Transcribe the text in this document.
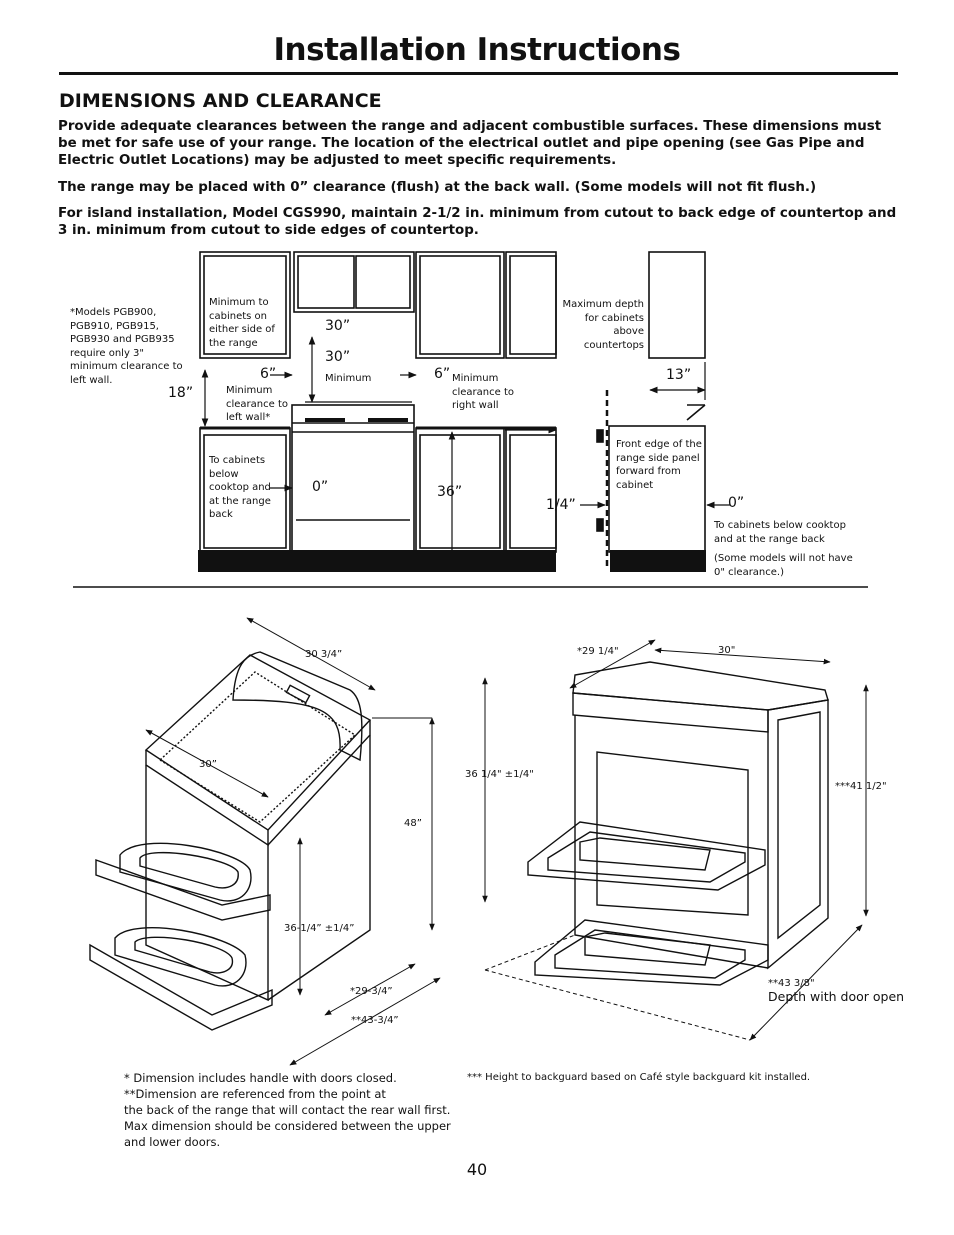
Installation Instructions
DIMENSIONS AND CLEARANCE
Provide adequate clearances between the range and adjacent combustible surfaces. These dimensions must be met for safe use of your range. The location of the electrical outlet and pipe opening (see Gas Pipe and Electric Outlet Locations) may be adjusted to meet specific requirements.
The range may be placed with 0” clearance (flush) at the back wall. (Some models will not fit flush.)
For island installation, Model CGS990, maintain 2-1/2 in. minimum from cutout to back edge of countertop and 3 in. minimum from cutout to side edges of countertop.
*Models PGB900, PGB910, PGB915, PGB930 and PGB935 require only 3" minimum clearance to left wall.
Minimum to cabinets on either side of the range
30”
30”
Minimum
6”	6”
18”	Minimum clearance to left wall*
Minimum clearance to right wall
To cabinets below cooktop and at the range back
0”	36”
Maximum depth for cabinets above countertops
13”
Front edge of the range side panel forward from cabinet
1/4”	0”
To cabinets below cooktop and at the range back
(Some models will not have 0" clearance.)
30 3/4”
30”
48”
36-1/4” ±1/4”
*29-3/4”
**43-3/4”
*29 1/4"	30"
36 1/4" ±1/4"
***41 1/2"
**43 3/8"
Depth with door open
* Dimension includes handle with doors closed.
**Dimension are referenced from the point at
the back of the range that will contact the rear wall first.
Max dimension should be considered between the upper
and lower doors.
*** Height to backguard based on Café style backguard kit installed.
40
